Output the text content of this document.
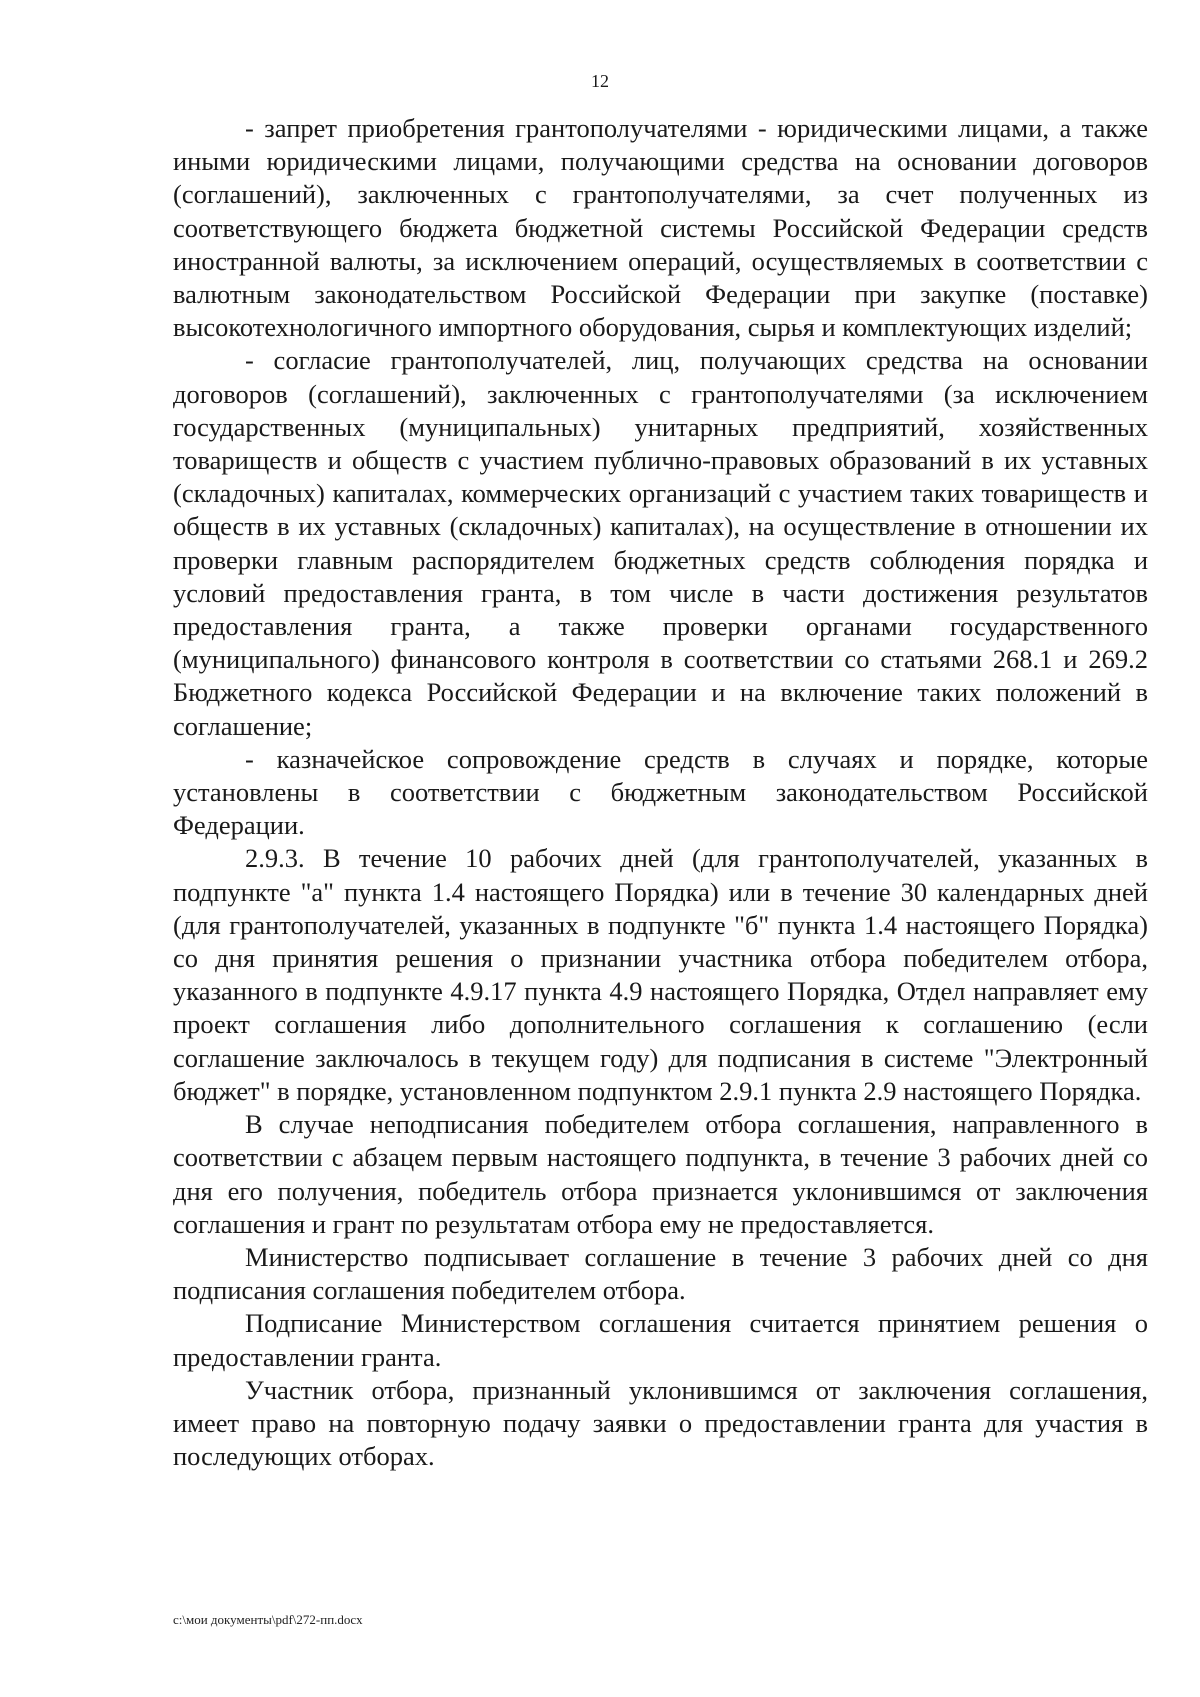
12

- запрет приобретения грантополучателями - юридическими лицами, а также иными юридическими лицами, получающими средства на основании договоров (соглашений), заключенных с грантополучателями, за счет полученных из соответствующего бюджета бюджетной системы Российской Федерации средств иностранной валюты, за исключением операций, осуществляемых в соответствии с валютным законодательством Российской Федерации при закупке (поставке) высокотехнологичного импортного оборудования, сырья и комплектующих изделий;

- согласие грантополучателей, лиц, получающих средства на основании договоров (соглашений), заключенных с грантополучателями (за исключением государственных (муниципальных) унитарных предприятий, хозяйственных товариществ и обществ с участием публично-правовых образований в их уставных (складочных) капиталах, коммерческих организаций с участием таких товариществ и обществ в их уставных (складочных) капиталах), на осуществление в отношении их проверки главным распорядителем бюджетных средств соблюдения порядка и условий предоставления гранта, в том числе в части достижения результатов предоставления гранта, а также проверки органами государственного (муниципального) финансового контроля в соответствии со статьями 268.1 и 269.2 Бюджетного кодекса Российской Федерации и на включение таких положений в соглашение;

- казначейское сопровождение средств в случаях и порядке, которые установлены в соответствии с бюджетным законодательством Российской Федерации.

2.9.3. В течение 10 рабочих дней (для грантополучателей, указанных в подпункте "а" пункта 1.4 настоящего Порядка) или в течение 30 календарных дней (для грантополучателей, указанных в подпункте "б" пункта 1.4 настоящего Порядка) со дня принятия решения о признании участника отбора победителем отбора, указанного в подпункте 4.9.17 пункта 4.9 настоящего Порядка, Отдел направляет ему проект соглашения либо дополнительного соглашения к соглашению (если соглашение заключалось в текущем году) для подписания в системе "Электронный бюджет" в порядке, установленном подпунктом 2.9.1 пункта 2.9 настоящего Порядка.

В случае неподписания победителем отбора соглашения, направленного в соответствии с абзацем первым настоящего подпункта, в течение 3 рабочих дней со дня его получения, победитель отбора признается уклонившимся от заключения соглашения и грант по результатам отбора ему не предоставляется.

Министерство подписывает соглашение в течение 3 рабочих дней со дня подписания соглашения победителем отбора.

Подписание Министерством соглашения считается принятием решения о предоставлении гранта.

Участник отбора, признанный уклонившимся от заключения соглашения, имеет право на повторную подачу заявки о предоставлении гранта для участия в последующих отборах.

c:\мои документы\pdf\272-пп.docx
